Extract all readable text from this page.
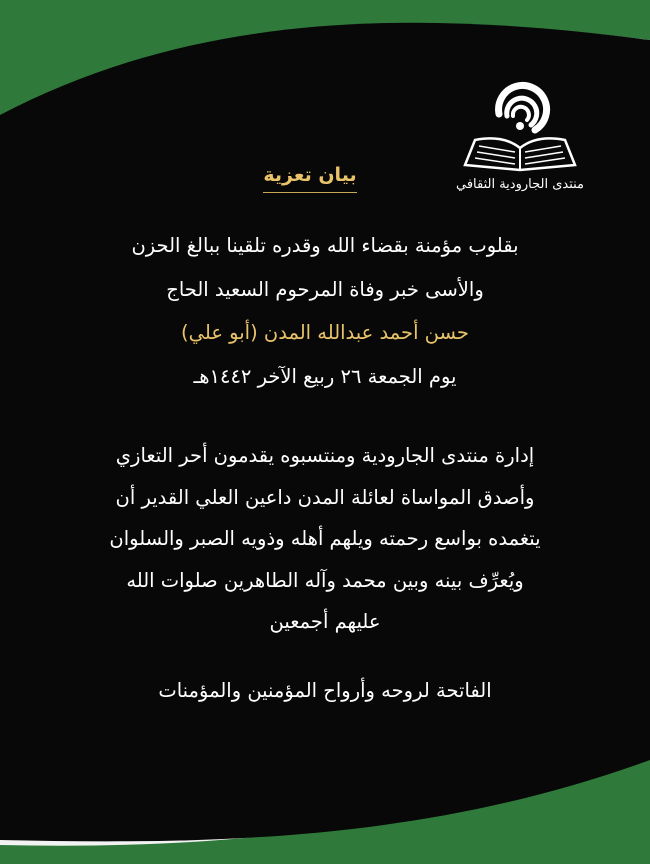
منتدى الجارودية الثقافي
بيان تعزية
بقلوب مؤمنة بقضاء الله وقدره تلقينا ببالغ الحزن
والأسى خبر وفاة المرحوم السعيد الحاج
حسن أحمد عبدالله المدن (أبو علي)
يوم الجمعة ٢٦ ربيع الآخر ١٤٤٢هـ
إدارة منتدى الجارودية ومنتسبوه يقدمون أحر التعازي
وأصدق المواساة لعائلة المدن داعين العلي القدير أن
يتغمده بواسع رحمته ويلهم أهله وذويه الصبر والسلوان
ويُعرِّف بينه وبين محمد وآله الطاهرين صلوات الله
عليهم أجمعين
الفاتحة لروحه وأرواح المؤمنين والمؤمنات
